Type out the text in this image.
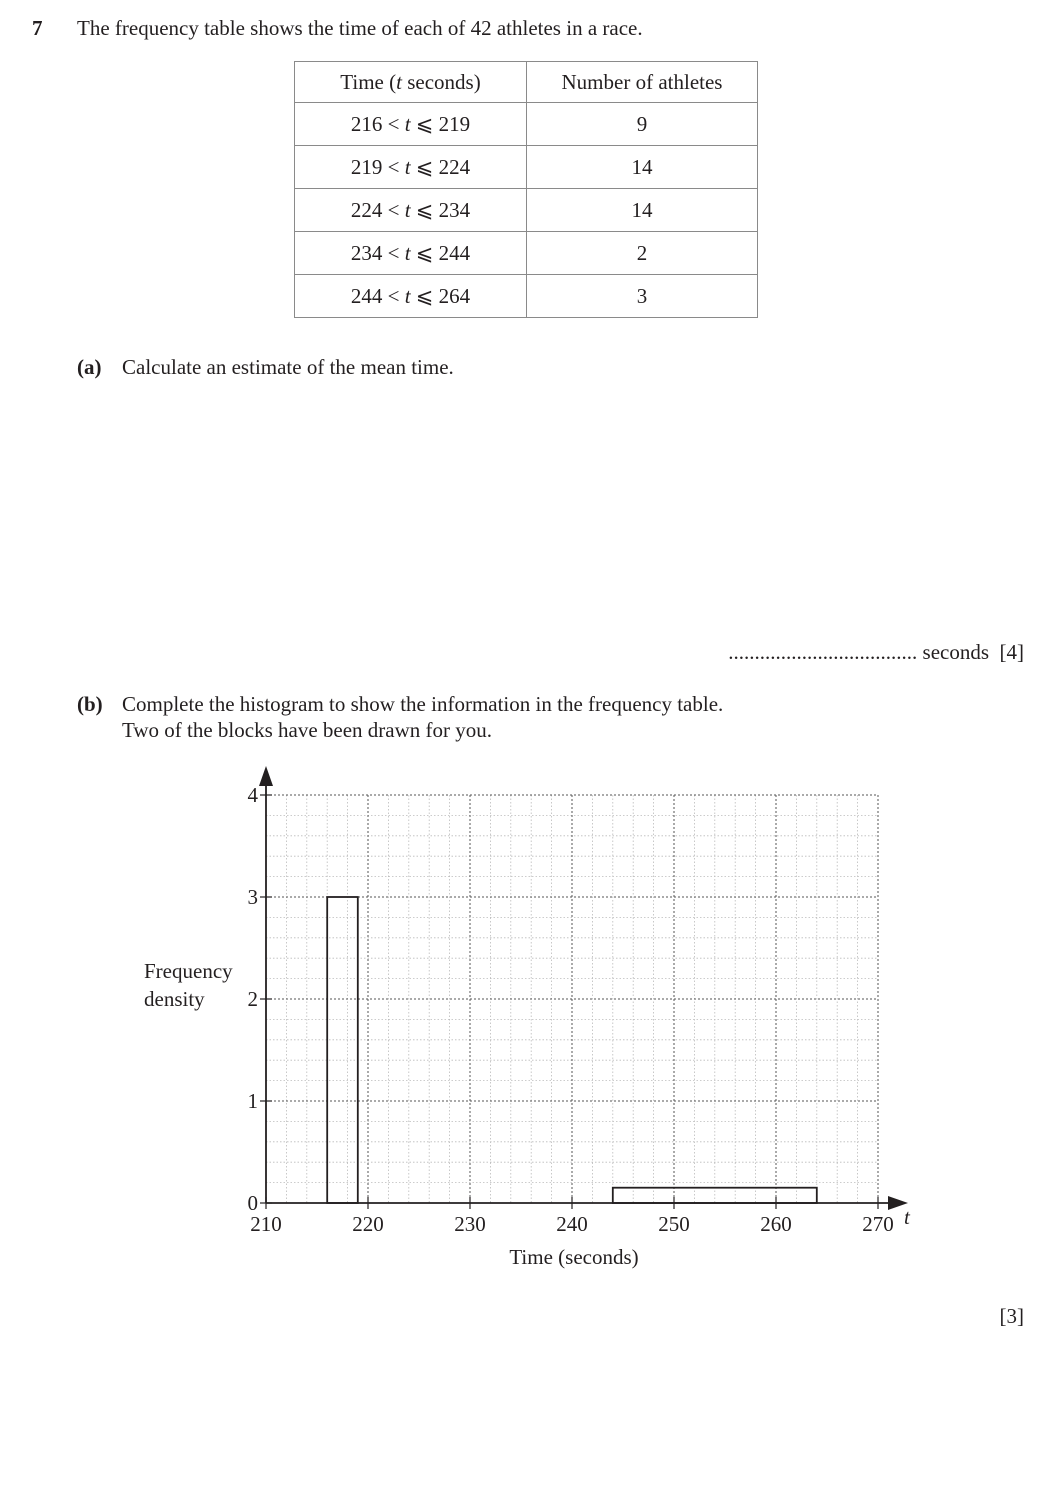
7 The frequency table shows the time of each of 42 athletes in a race.
Time (t seconds)	Number of athletes
216 < t ⩽ 219	9
219 < t ⩽ 224	14
224 < t ⩽ 234	14
234 < t ⩽ 244	2
244 < t ⩽ 264	3
(a) Calculate an estimate of the mean time.
.................................... seconds  [4]
(b) Complete the histogram to show the information in the frequency table.
Two of the blocks have been drawn for you.
210	220	230	240	250	260	270
0
1
2
3
4
Time (seconds)
t
Frequency
density
[3]
